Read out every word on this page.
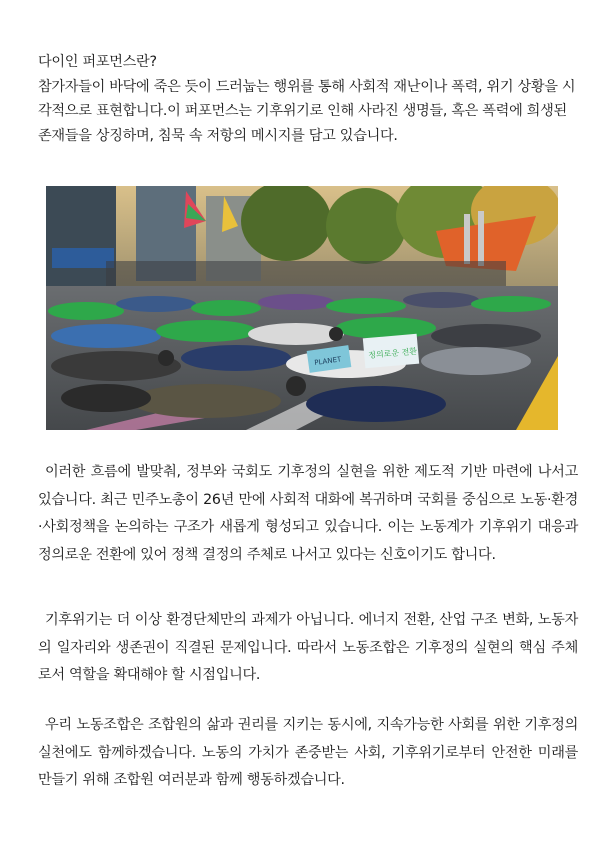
다이인 퍼포먼스란?

참가자들이 바닥에 죽은 듯이 드러눕는 행위를 통해 사회적 재난이나 폭력, 위기 상황을 시각적으로 표현합니다.이 퍼포먼스는 기후위기로 인해 사라진 생명들, 혹은 폭력에 희생된 존재들을 상징하며, 침묵 속 저항의 메시지를 담고 있습니다.

PLANET
정의로운 전환

이러한 흐름에 발맞춰, 정부와 국회도 기후정의 실현을 위한 제도적 기반 마련에 나서고 있습니다. 최근 민주노총이 26년 만에 사회적 대화에 복귀하며 국회를 중심으로 노동·환경·사회정책을 논의하는 구조가 새롭게 형성되고 있습니다. 이는 노동계가 기후위기 대응과 정의로운 전환에 있어 정책 결정의 주체로 나서고 있다는 신호이기도 합니다.

기후위기는 더 이상 환경단체만의 과제가 아닙니다. 에너지 전환, 산업 구조 변화, 노동자의 일자리와 생존권이 직결된 문제입니다. 따라서 노동조합은 기후정의 실현의 핵심 주체로서 역할을 확대해야 할 시점입니다.

우리 노동조합은 조합원의 삶과 권리를 지키는 동시에, 지속가능한 사회를 위한 기후정의 실천에도 함께하겠습니다. 노동의 가치가 존중받는 사회, 기후위기로부터 안전한 미래를 만들기 위해 조합원 여러분과 함께 행동하겠습니다.
